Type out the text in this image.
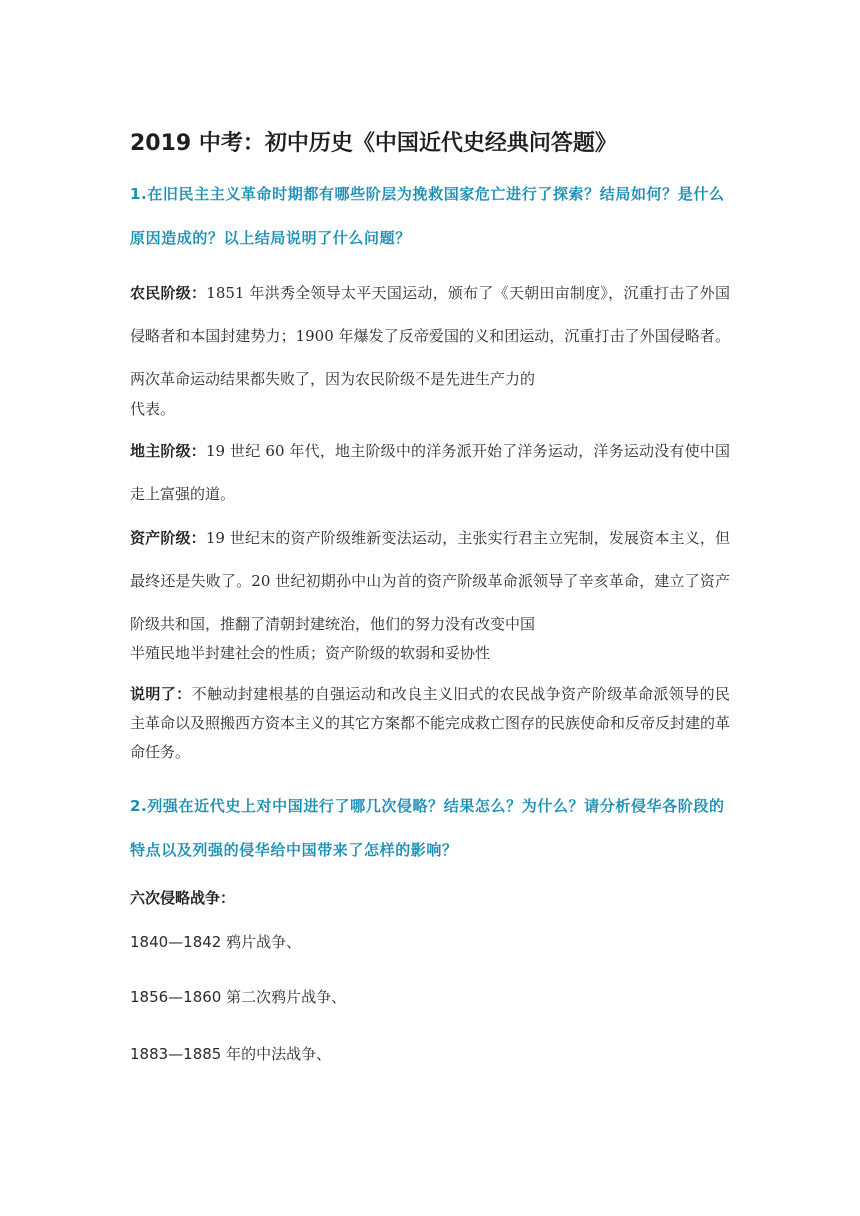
2019 中考：初中历史《中国近代史经典问答题》

1.在旧民主主义革命时期都有哪些阶层为挽救国家危亡进行了探索？结局如何？是什么原因造成的？以上结局说明了什么问题？

农民阶级：1851 年洪秀全领导太平天国运动，颁布了《天朝田亩制度》，沉重打击了外国侵略者和本国封建势力；1900 年爆发了反帝爱国的义和团运动，沉重打击了外国侵略者。两次革命运动结果都失败了，因为农民阶级不是先进生产力的
代表。

地主阶级：19 世纪 60 年代，地主阶级中的洋务派开始了洋务运动，洋务运动没有使中国走上富强的道。

资产阶级：19 世纪末的资产阶级维新变法运动，主张实行君主立宪制，发展资本主义，但最终还是失败了。20 世纪初期孙中山为首的资产阶级革命派领导了辛亥革命，建立了资产阶级共和国，推翻了清朝封建统治，他们的努力没有改变中国
半殖民地半封建社会的性质；资产阶级的软弱和妥协性

说明了：不触动封建根基的自强运动和改良主义旧式的农民战争资产阶级革命派领导的民主革命以及照搬西方资本主义的其它方案都不能完成救亡图存的民族使命和反帝反封建的革命任务。

2.列强在近代史上对中国进行了哪几次侵略？结果怎么？为什么？请分析侵华各阶段的特点以及列强的侵华给中国带来了怎样的影响？

六次侵略战争：
1840—1842 鸦片战争、
1856—1860 第二次鸦片战争、
1883—1885 年的中法战争、
